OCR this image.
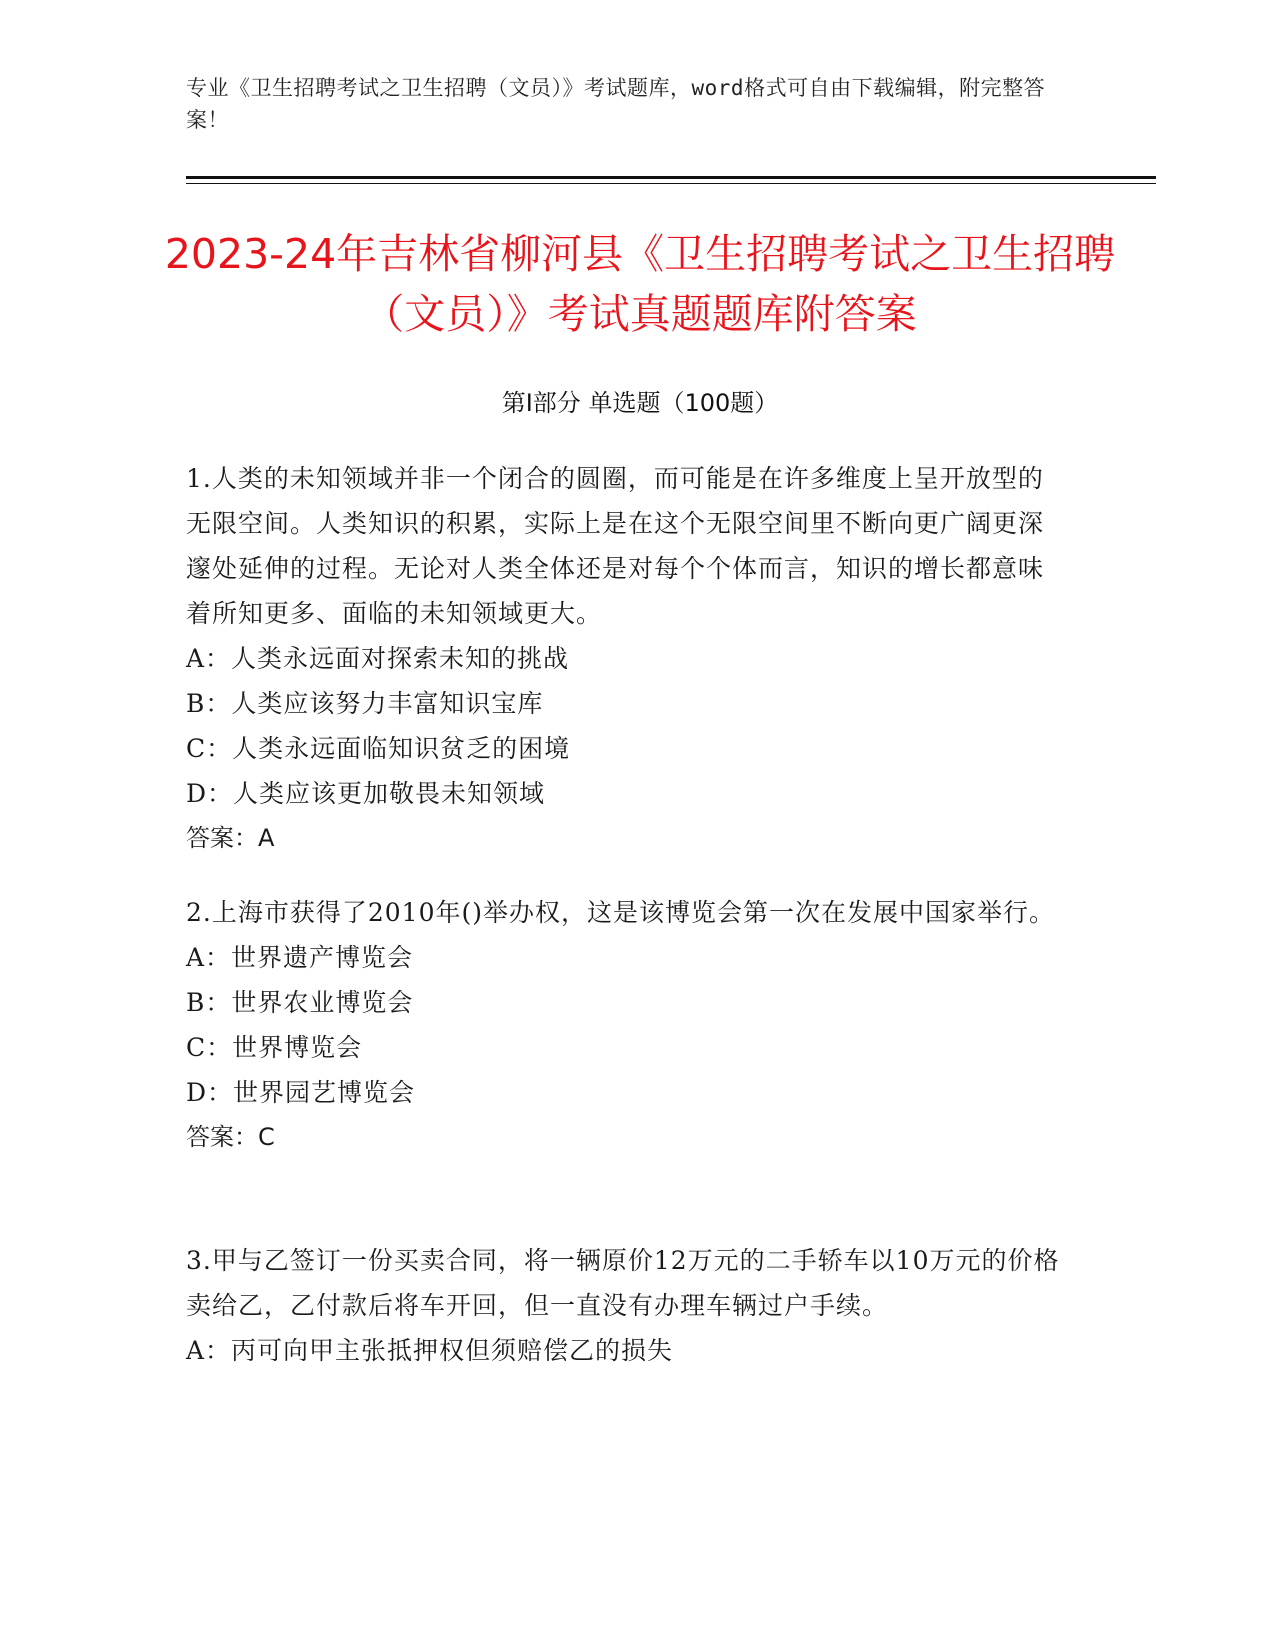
专业《卫生招聘考试之卫生招聘（文员）》考试题库，word格式可自由下载编辑，附完整答案！
2023-24年吉林省柳河县《卫生招聘考试之卫生招聘（文员）》考试真题题库附答案
第Ⅰ部分 单选题（100题）

1.人类的未知领域并非一个闭合的圆圈，而可能是在许多维度上呈开放型的无限空间。人类知识的积累，实际上是在这个无限空间里不断向更广阔更深邃处延伸的过程。无论对人类全体还是对每个个体而言，知识的增长都意味着所知更多、面临的未知领域更大。

A：人类永远面对探索未知的挑战

B：人类应该努力丰富知识宝库

C：人类永远面临知识贫乏的困境

D：人类应该更加敬畏未知领域

答案：A

2.上海市获得了2010年()举办权，这是该博览会第一次在发展中国家举行。

A：世界遗产博览会

B：世界农业博览会

C：世界博览会

D：世界园艺博览会

答案：C

3.甲与乙签订一份买卖合同，将一辆原价12万元的二手轿车以10万元的价格卖给乙，乙付款后将车开回，但一直没有办理车辆过户手续。

A：丙可向甲主张抵押权但须赔偿乙的损失
